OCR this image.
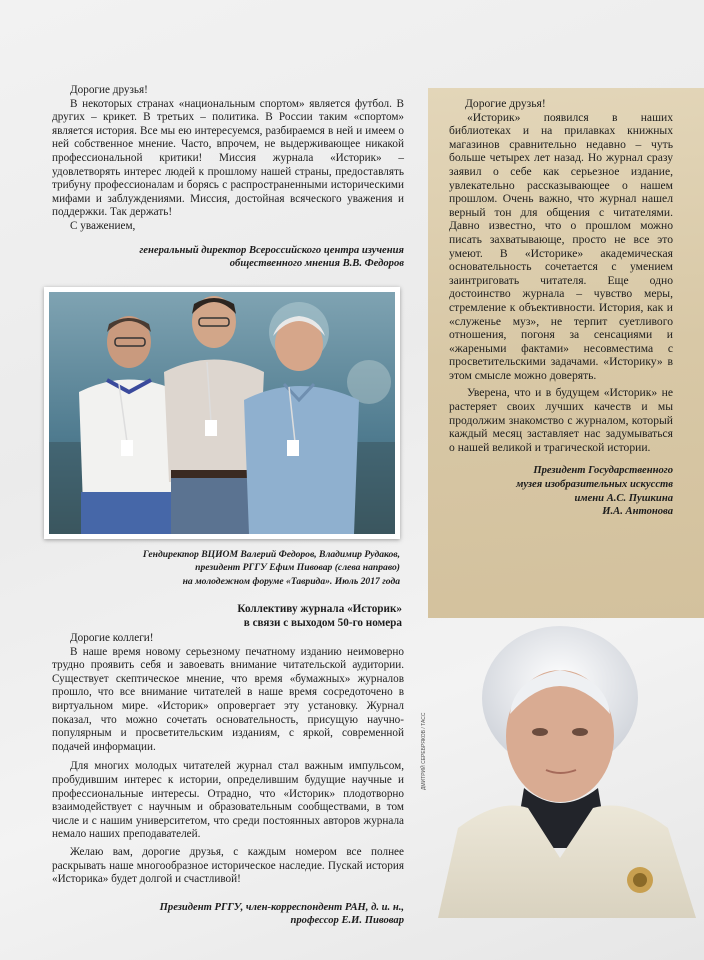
Дорогие друзья!

В некоторых странах «национальным спортом» является футбол. В других – крикет. В третьих – политика. В России таким «спортом» является история. Все мы ею интересуемся, разбираемся в ней и имеем о ней собственное мнение. Часто, впрочем, не выдерживающее никакой профессиональной критики! Миссия журнала «Историк» – удовлетворять интерес людей к прошлому нашей страны, предоставлять трибуну профессионалам и борясь с распространенными историческими мифами и заблуждениями. Миссия, достойная всяческого уважения и поддержки. Так держать!

С уважением,

генеральный директор Всероссийского центра изучения

общественного мнения В.В. Федоров

Гендиректор ВЦИОМ Валерий Федоров, Владимир Рудаков,
президент РГГУ Ефим Пивовар (слева направо)
на молодежном форуме «Таврида». Июль 2017 года
Коллективу журнала «Историк»
в связи с выходом 50-го номера

Дорогие коллеги!

В наше время новому серьезному печатному изданию неимоверно трудно проявить себя и завоевать внимание читательской аудитории. Существует скептическое мнение, что время «бумажных» журналов прошло, что все внимание читателей в наше время сосредоточено в виртуальном мире. «Историк» опровергает эту установку. Журнал показал, что можно сочетать основательность, присущую научно-популярным и просветительским изданиям, с яркой, современной подачей информации.

Для многих молодых читателей журнал стал важным импульсом, пробудившим интерес к истории, определившим будущие научные и профессиональные интересы. Отрадно, что «Историк» плодотворно взаимодействует с научным и образовательным сообществами, в том числе и с нашим университетом, что среди постоянных авторов журнала немало наших преподавателей.

Желаю вам, дорогие друзья, с каждым номером все полнее раскрывать наше многообразное историческое наследие. Пускай история «Историка» будет долгой и счастливой!

Президент РГГУ, член-корреспондент РАН, д. и. н.,

профессор Е.И. Пивовар

Дорогие друзья!

«Историк» появился в наших библиотеках и на прилавках книжных магазинов сравнительно недавно – чуть больше четырех лет назад. Но журнал сразу заявил о себе как серьезное издание, увлекательно рассказывающее о нашем прошлом. Очень важно, что журнал нашел верный тон для общения с читателями. Давно известно, что о прошлом можно писать захватывающе, просто не все это умеют. В «Историке» академическая основательность сочетается с умением заинтриговать читателя. Еще одно достоинство журнала – чувство меры, стремление к объективности. История, как и «служенье муз», не терпит суетливого отношения, погоня за сенсациями и «жареными фактами» несовместима с просветительскими задачами. «Историку» в этом смысле можно доверять.

Уверена, что и в будущем «Историк» не растеряет своих лучших качеств и мы продолжим знакомство с журналом, который каждый месяц заставляет нас задумываться о нашей великой и трагической истории.

Президент Государственного

музея изобразительных искусств

имени А.С. Пушкина

И.А. Антонова

ДМИТРИЙ СЕРЕБРЯКОВ / ТАСС
